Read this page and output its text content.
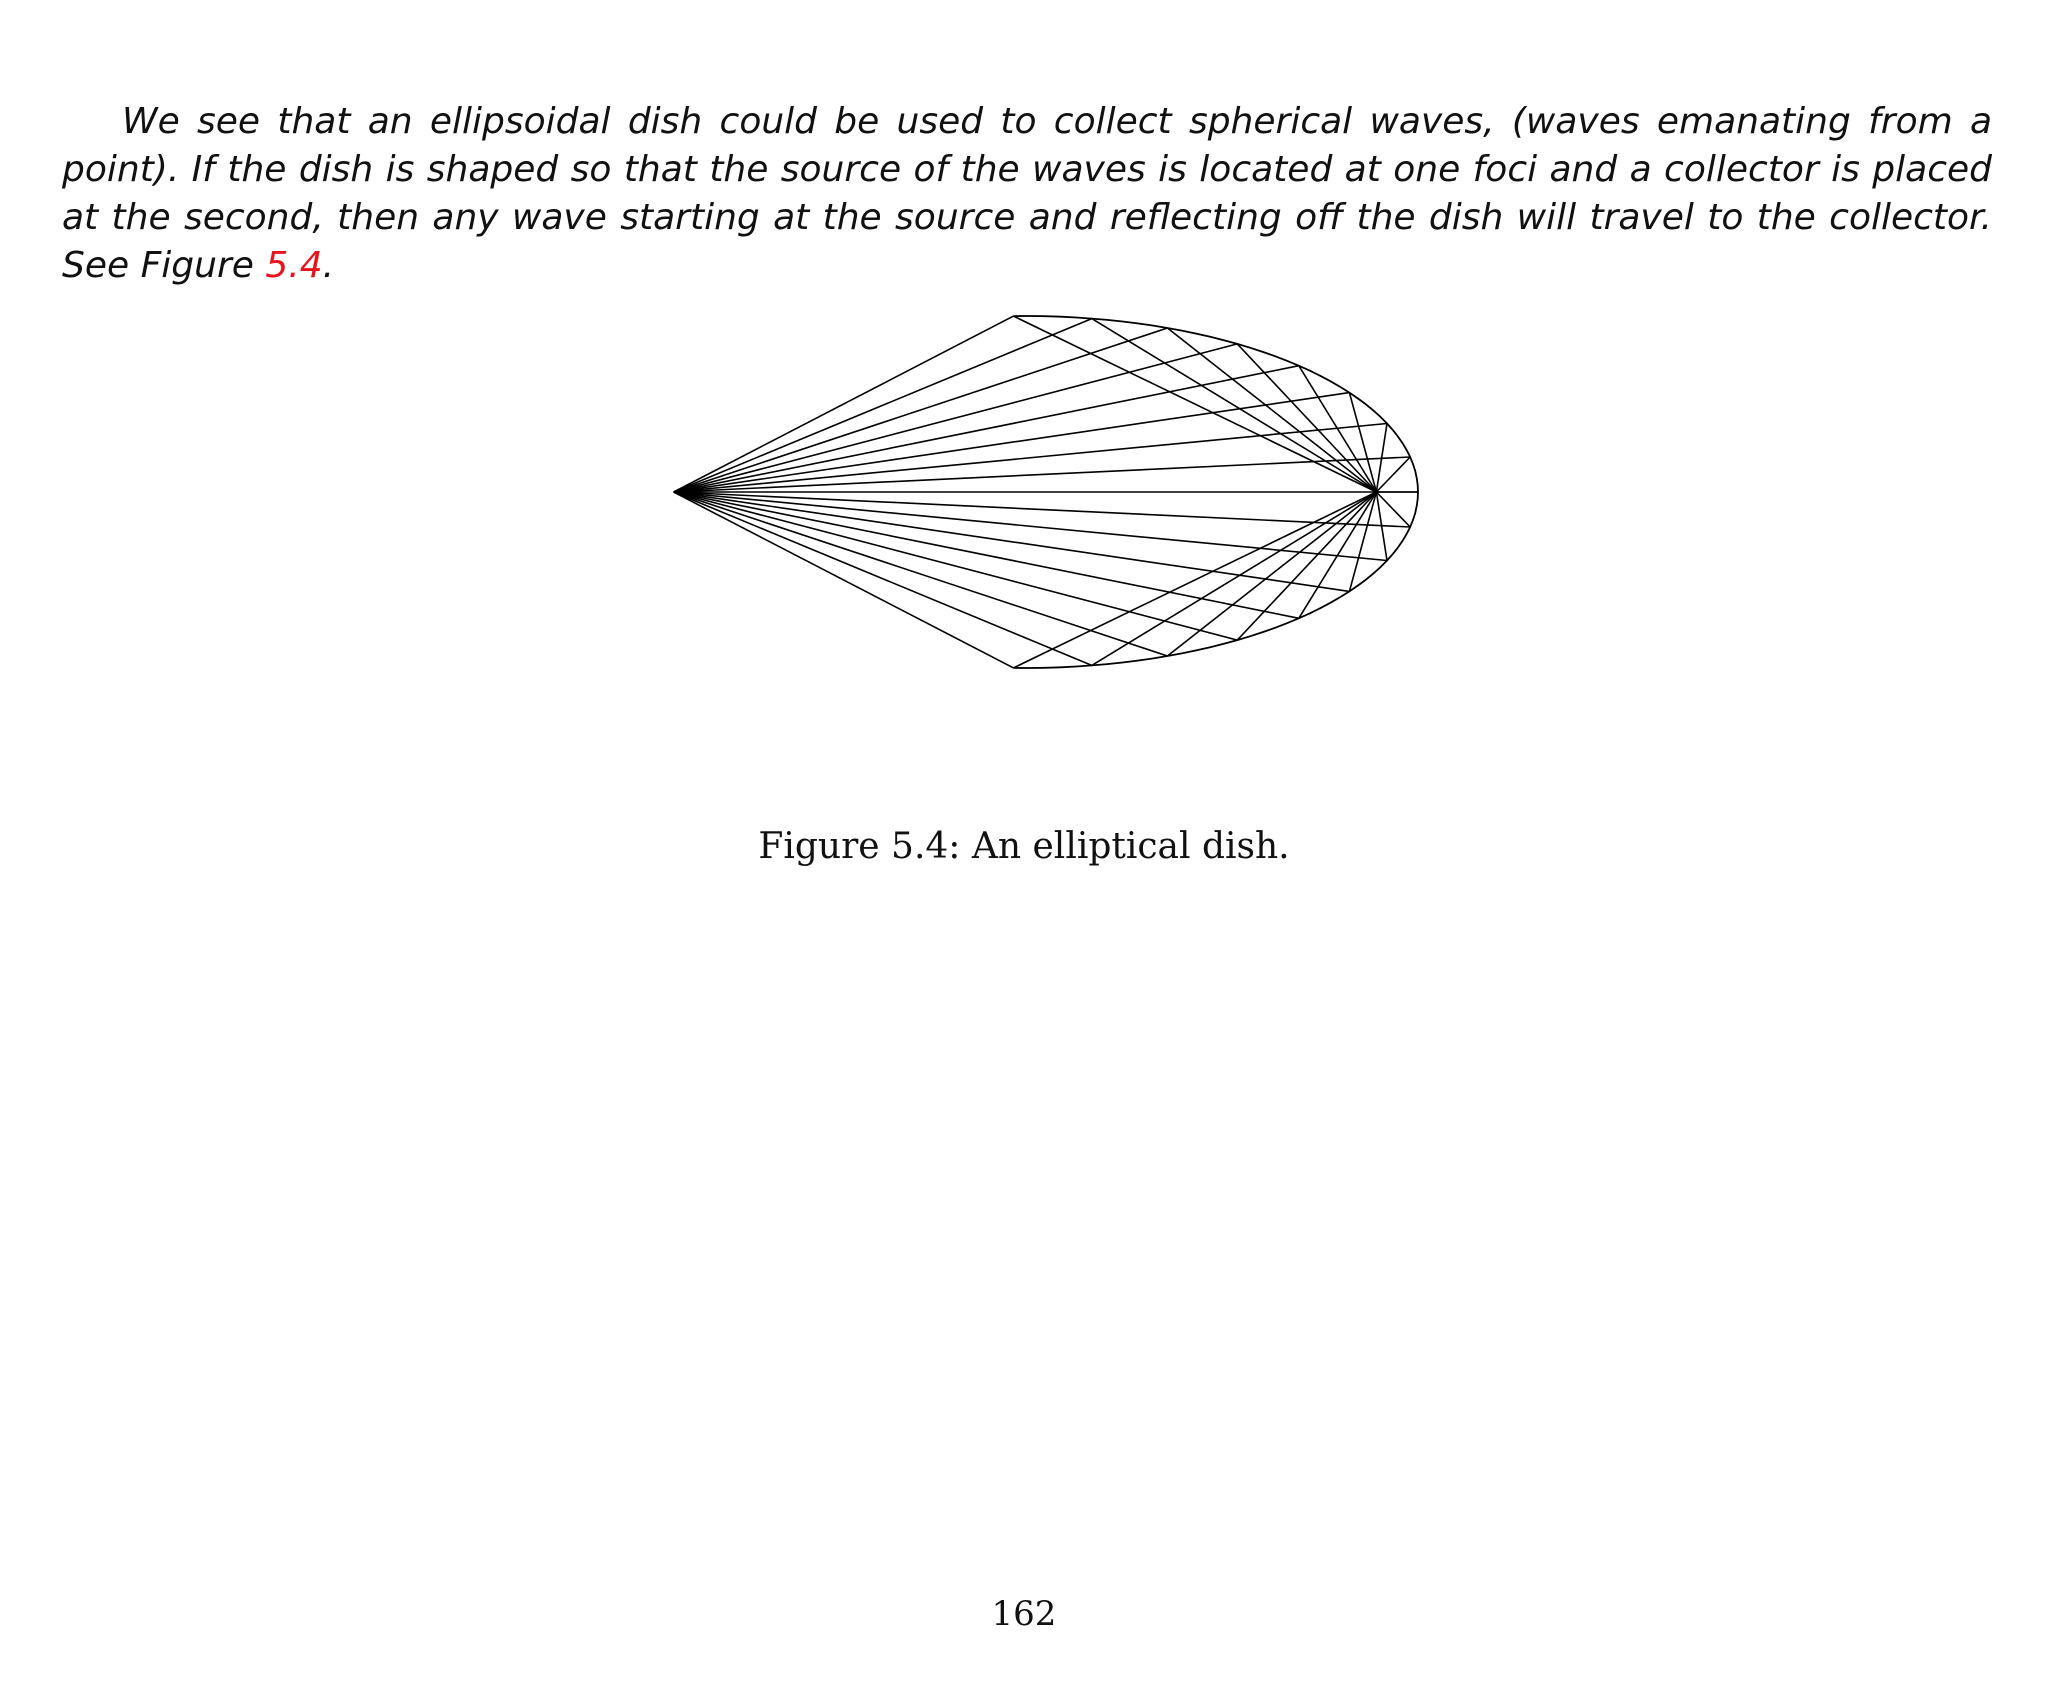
We see that an ellipsoidal dish could be used to collect spherical waves, (waves emanating from a point). If the dish is shaped so that the source of the waves is located at one foci and a collector is placed at the second, then any wave starting at the source and reflecting off the dish will travel to the collector. See Figure 5.4.

Figure 5.4: An elliptical dish.
162
